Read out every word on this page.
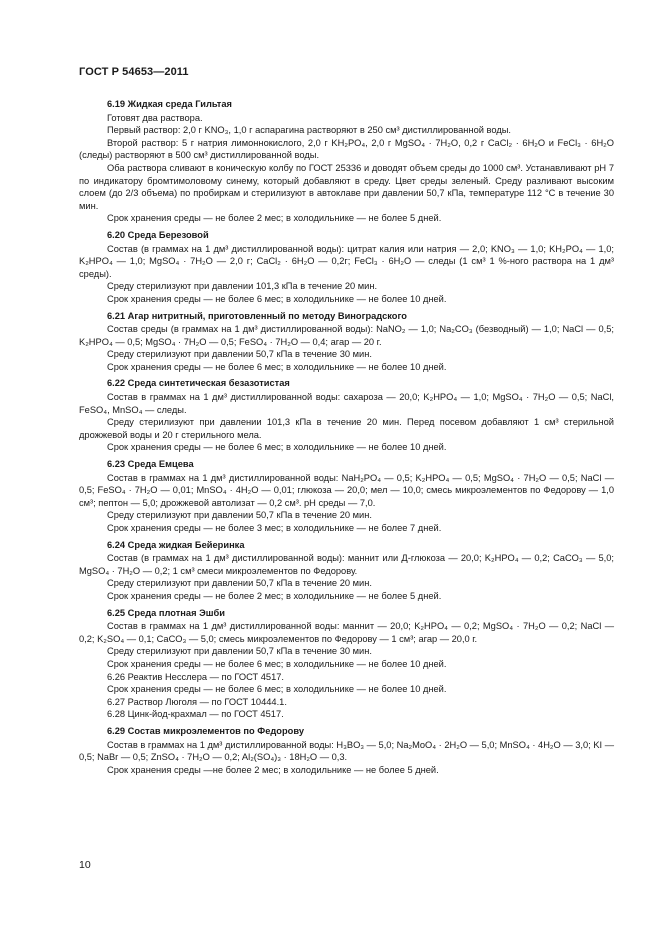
ГОСТ Р 54653—2011
6.19 Жидкая среда Гильтая
Готовят два раствора.
Первый раствор: 2,0 г KNO₃, 1,0 г аспарагина растворяют в 250 см³ дистиллированной воды.
Второй раствор: 5 г натрия лимоннокислого, 2,0 г KH₂PO₄, 2,0 г MgSO₄ · 7H₂O, 0,2 г CaCl₂ · 6H₂O и FeCl₃ · 6H₂O (следы) растворяют в 500 см³ дистиллированной воды.
Оба раствора сливают в коническую колбу по ГОСТ 25336 и доводят объем среды до 1000 см³. Устанавливают pH 7 по индикатору бромтимоловому синему, который добавляют в среду. Цвет среды зеленый. Среду разливают высоким слоем (до 2/3 объема) по пробиркам и стерилизуют в автоклаве при давлении 50,7 кПа, температуре 112 °С в течение 30 мин.
Срок хранения среды — не более 2 мес; в холодильнике — не более 5 дней.
6.20 Среда Березовой
Состав (в граммах на 1 дм³ дистиллированной воды): цитрат калия или натрия — 2,0; KNO₃ — 1,0; KH₂PO₄ — 1,0; K₂HPO₄ — 1,0; MgSO₄ · 7H₂O — 2,0 г; CaCl₂ · 6H₂O — 0,2г; FeCl₃ · 6H₂O — следы (1 см³ 1 %-ного раствора на 1 дм³ среды).
Среду стерилизуют при давлении 101,3 кПа в течение 20 мин.
Срок хранения среды — не более 6 мес; в холодильнике — не более 10 дней.
6.21 Агар нитритный, приготовленный по методу Виноградского
Состав среды (в граммах на 1 дм³ дистиллированной воды): NaNO₂ — 1,0; Na₂CO₃ (безводный) — 1,0; NaCl — 0,5; K₂HPO₄ — 0,5; MgSO₄ · 7H₂O — 0,5; FeSO₄ · 7H₂O — 0,4; агар — 20 г.
Среду стерилизуют при давлении 50,7 кПа в течение 30 мин.
Срок хранения среды — не более 6 мес; в холодильнике — не более 10 дней.
6.22 Среда синтетическая безазотистая
Состав в граммах на 1 дм³ дистиллированной воды: сахароза — 20,0; K₂HPO₄ — 1,0; MgSO₄ · 7H₂O — 0,5; NaCl, FeSO₄, MnSO₄ — следы.
Среду стерилизуют при давлении 101,3 кПа в течение 20 мин. Перед посевом добавляют 1 см³ стерильной дрожжевой воды и 20 г стерильного мела.
Срок хранения среды — не более 6 мес; в холодильнике — не более 10 дней.
6.23 Среда Емцева
Состав в граммах на 1 дм³ дистиллированной воды: NaH₂PO₄ — 0,5; K₂HPO₄ — 0,5; MgSO₄ · 7H₂O — 0,5; NaCl — 0,5; FeSO₄ · 7H₂O — 0,01; MnSO₄ · 4H₂O — 0,01; глюкоза — 20,0; мел — 10,0; смесь микроэлементов по Федорову — 1,0 см³; пептон — 5,0; дрожжевой автолизат — 0,2 см³. pH среды — 7,0.
Среду стерилизуют при давлении 50,7 кПа в течение 20 мин.
Срок хранения среды — не более 3 мес; в холодильнике — не более 7 дней.
6.24 Среда жидкая Бейеринка
Состав (в граммах на 1 дм³ дистиллированной воды): маннит или Д-глюкоза — 20,0; K₂HPO₄ — 0,2; CaCO₃ — 5,0; MgSO₄ · 7H₂O — 0,2; 1 см³ смеси микроэлементов по Федорову.
Среду стерилизуют при давлении 50,7 кПа в течение 20 мин.
Срок хранения среды — не более 2 мес; в холодильнике — не более 5 дней.
6.25 Среда плотная Эшби
Состав в граммах на 1 дм³ дистиллированной воды: маннит — 20,0; K₂HPO₄ — 0,2; MgSO₄ · 7H₂O — 0,2; NaCl — 0,2; K₂SO₄ — 0,1; CaCO₃ — 5,0; смесь микроэлементов по Федорову — 1 см³; агар — 20,0 г.
Среду стерилизуют при давлении 50,7 кПа в течение 30 мин.
Срок хранения среды — не более 6 мес; в холодильнике — не более 10 дней.
6.26 Реактив Несслера — по ГОСТ 4517.
Срок хранения среды — не более 6 мес; в холодильнике — не более 10 дней.
6.27 Раствор Люголя — по ГОСТ 10444.1.
6.28 Цинк-йод-крахмал — по ГОСТ 4517.
6.29 Состав микроэлементов по Федорову
Состав в граммах на 1 дм³ дистиллированной воды: H₃BO₃ — 5,0; Na₂MoO₄ · 2H₂O — 5,0; MnSO₄ · 4H₂O — 3,0; KI — 0,5; NaBr — 0,5; ZnSO₄ · 7H₂O — 0,2; Al₂(SO₄)₃ · 18H₂O — 0,3.
Срок хранения среды —не более 2 мес; в холодильнике — не более 5 дней.
10
